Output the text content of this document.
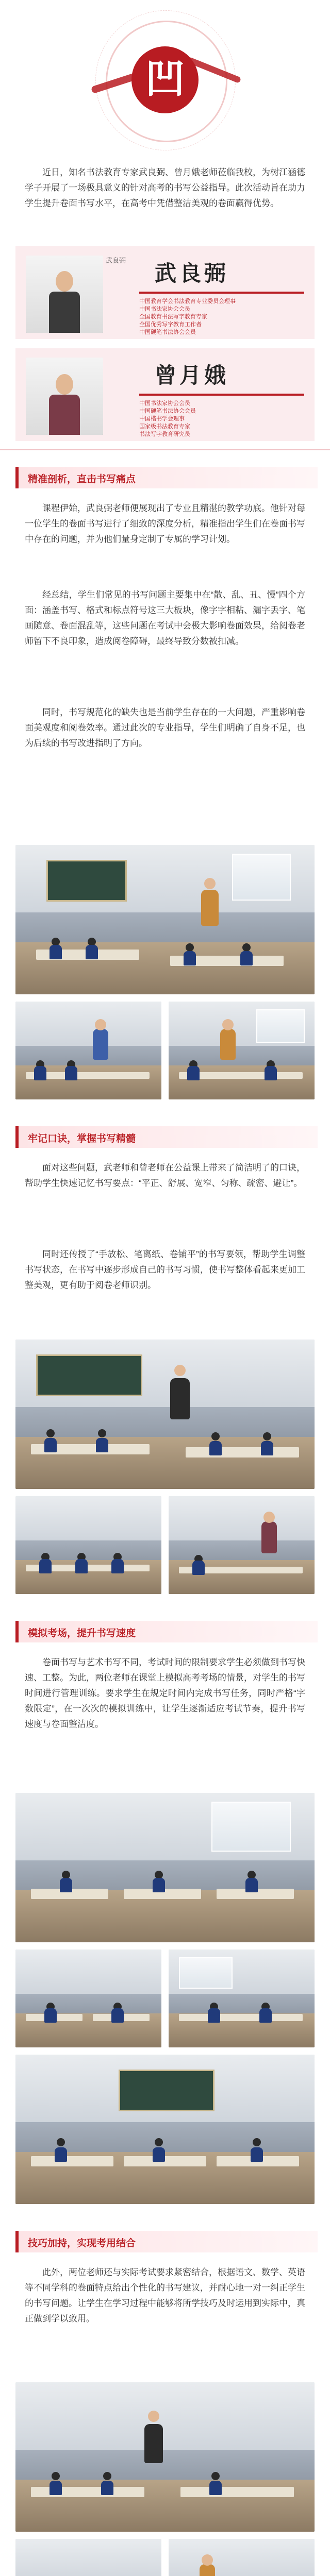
凹
近日，知名书法教育专家武良弼、曾月娥老师莅临我校，为树江涵德学子开展了一场极具意义的针对高考的书写公益指导。此次活动旨在助力学生提升卷面书写水平，在高考中凭借整洁美观的卷面赢得优势。
武良弼
武良弼
中国教育学会书法教育专业委员会理事
中国书法家协会会员
全国教育书法写字教育专家
全国优秀写字教育工作者
中国硬笔书法协会会员
曾月娥
中国书法家协会会员
中国硬笔书法协会会员
中国楷书学会理事
国家级书法教育专家
书法写字教育研究员
精准剖析，直击书写痛点
课程伊始，武良弼老师便展现出了专业且精湛的教学功底。他针对每一位学生的卷面书写进行了细致的深度分析，精准指出学生们在卷面书写中存在的问题，并为他们量身定制了专属的学习计划。
经总结，学生们常见的书写问题主要集中在“散、乱、丑、慢”四个方面：涵盖书写、格式和标点符号这三大板块，像字字相粘、漏字丢字、笔画随意、卷面混乱等，这些问题在考试中会极大影响卷面效果，给阅卷老师留下不良印象，造成阅卷障碍，最终导致分数被扣减。
同时，书写规范化的缺失也是当前学生存在的一大问题，严重影响卷面美观度和阅卷效率。通过此次的专业指导，学生们明确了自身不足，也为后续的书写改进指明了方向。
牢记口诀，掌握书写精髓
面对这些问题，武老师和曾老师在公益课上带来了简洁明了的口诀，帮助学生快速记忆书写要点：“平正、舒展、宽窄、匀称、疏密、避让”。
同时还传授了“手放松、笔离纸、卷铺平”的书写要领，帮助学生调整书写状态，在书写中逐步形成自己的书写习惯，使书写整体看起来更加工整美观，更有助于阅卷老师识别。
模拟考场，提升书写速度
卷面书写与艺术书写不同，考试时间的限制要求学生必须做到书写快速、工整。为此，两位老师在课堂上模拟高考考场的情景，对学生的书写时间进行管理训练。要求学生在规定时间内完成书写任务，同时严格“字数限定”，在一次次的模拟训练中，让学生逐渐适应考试节奏，提升书写速度与卷面整洁度。
技巧加持，实现考用结合
此外，两位老师还与实际考试要求紧密结合，根据语文、数学、英语等不同学科的卷面特点给出个性化的书写建议，并耐心地一对一纠正学生的书写问题。让学生在学习过程中能够将所学技巧及时运用到实际中，真正做到学以致用。
